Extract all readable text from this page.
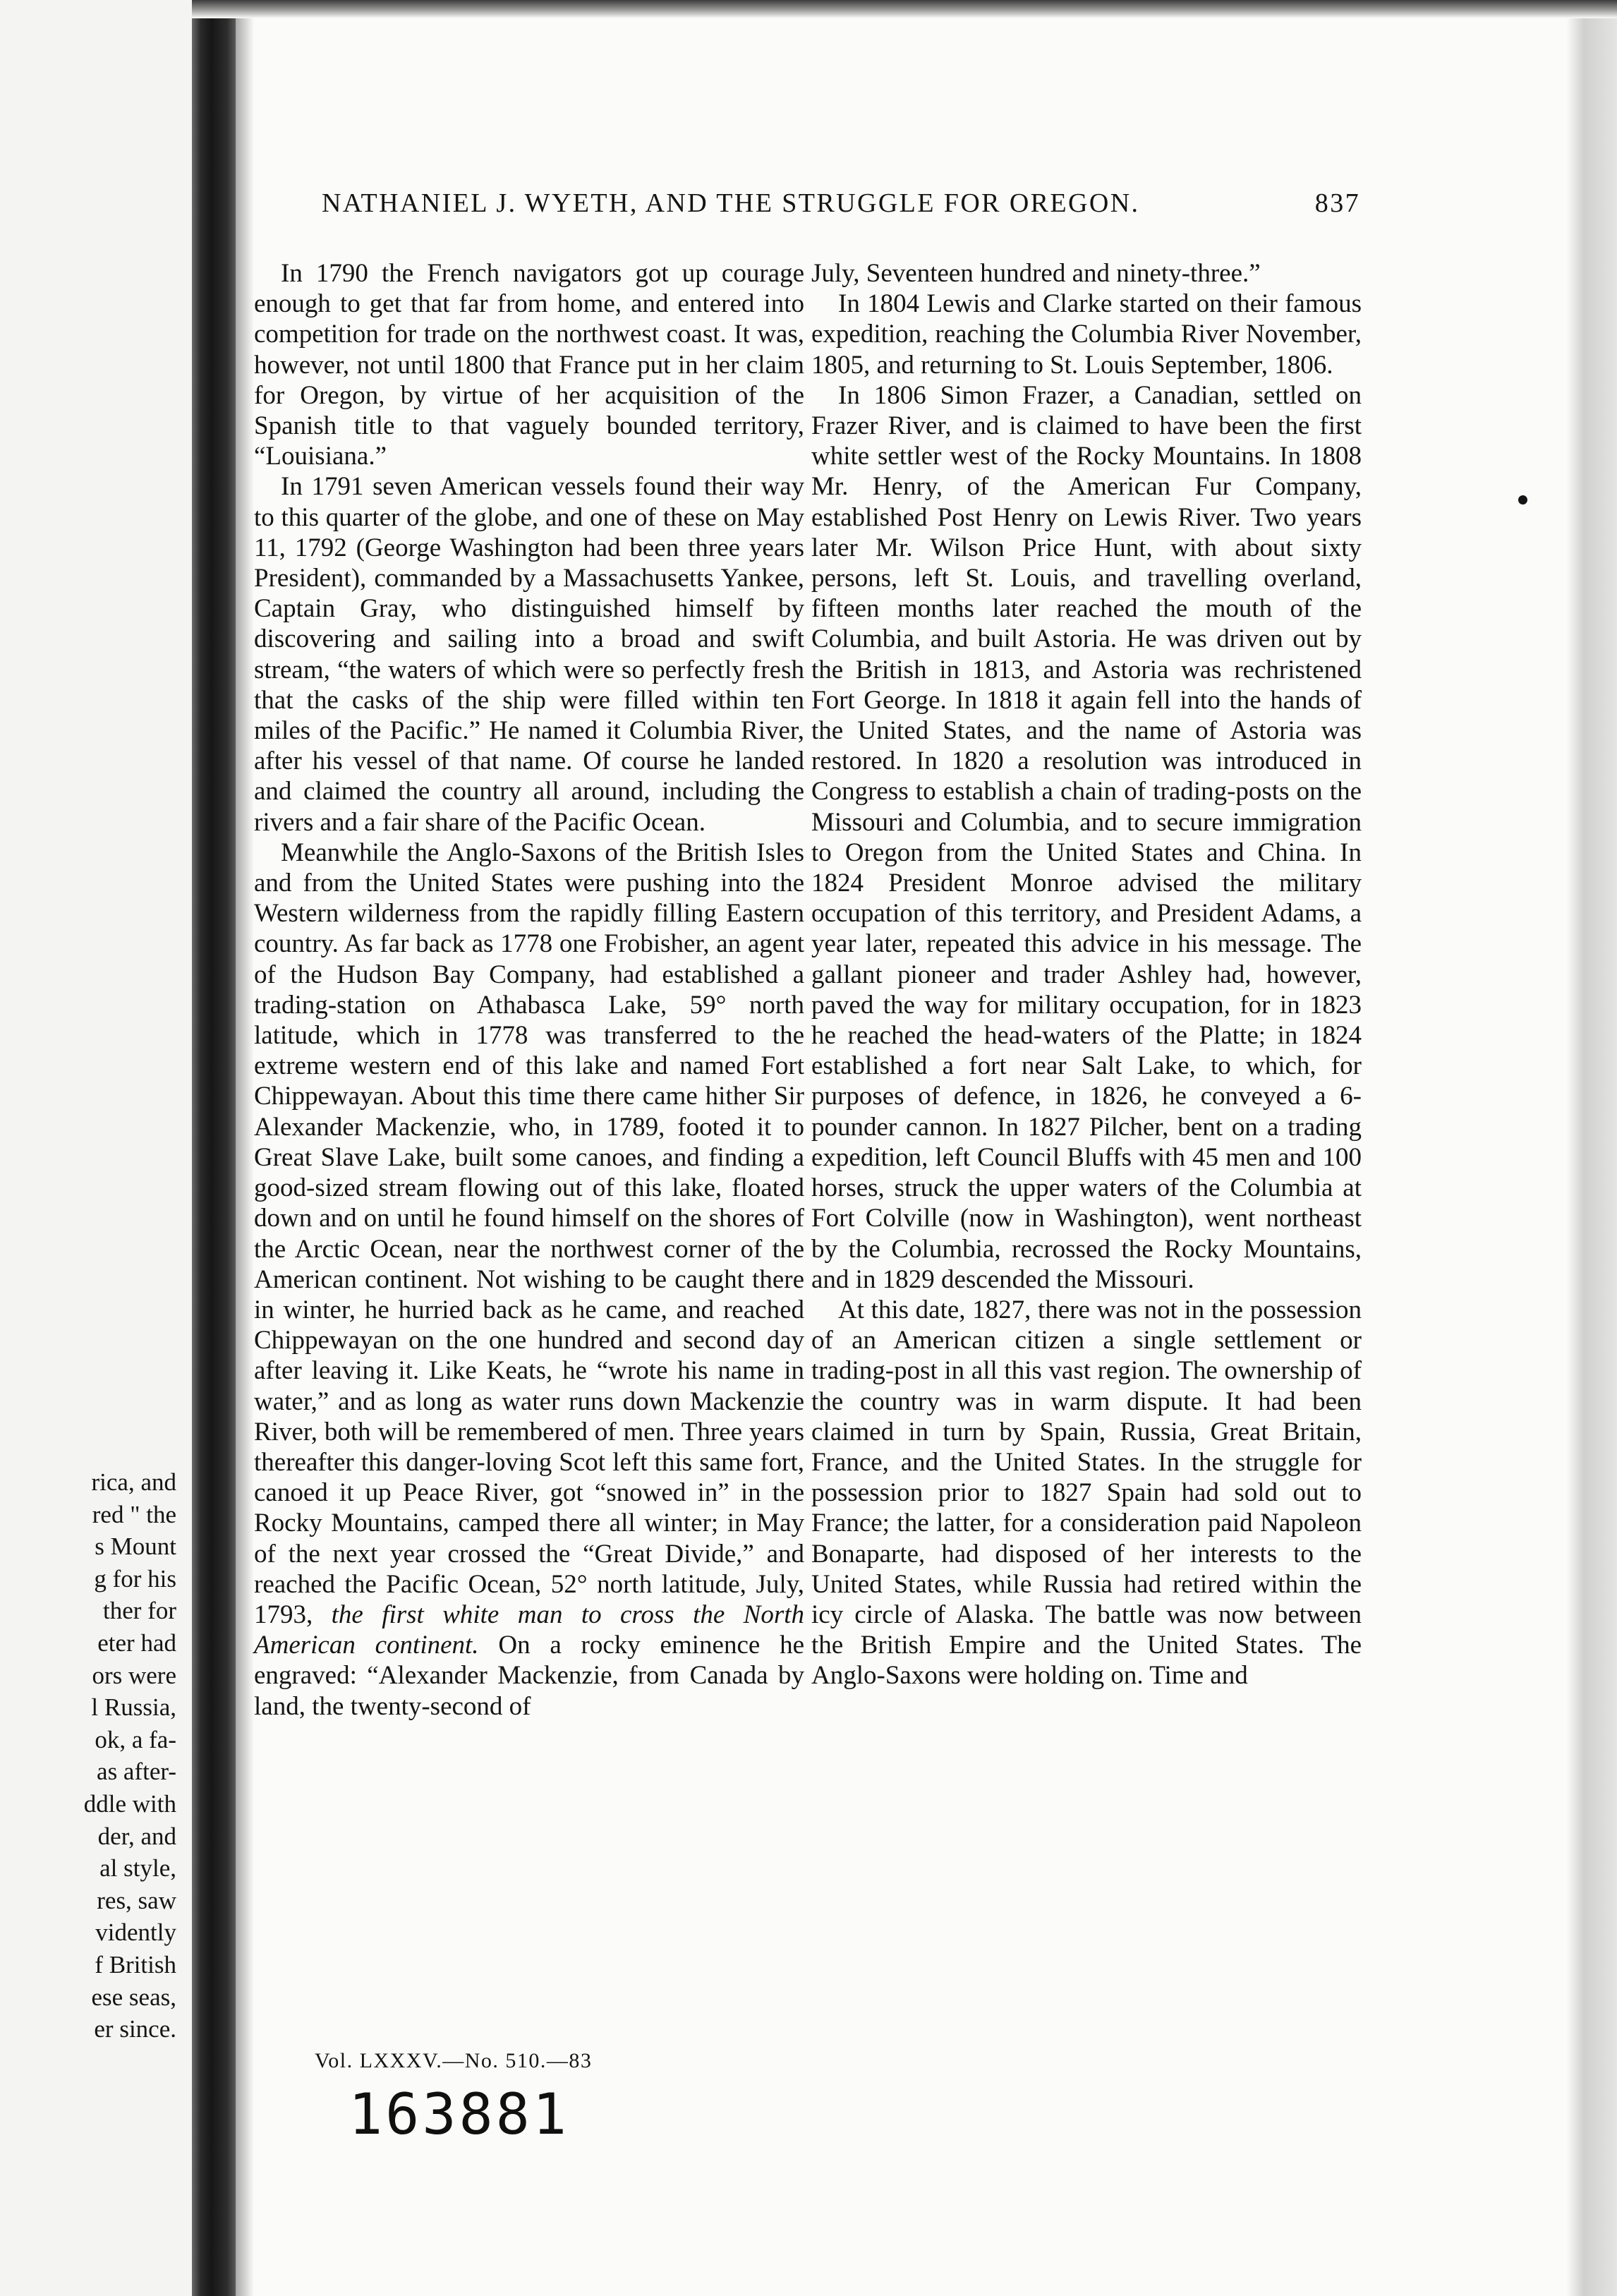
rica, and
red " the
s Mount
g for his
ther for
eter had
ors were
l Russia,
ok, a fa-
as after-
ddle with
der, and
al style,
res, saw
vidently
f British
ese seas,
er since.
NATHANIEL J. WYETH, AND THE STRUGGLE FOR OREGON.	837

In 1790 the French navigators got up courage enough to get that far from home, and entered into competition for trade on the northwest coast. It was, however, not until 1800 that France put in her claim for Oregon, by virtue of her acquisition of the Spanish title to that vaguely bounded territory, “Louisiana.”

In 1791 seven American vessels found their way to this quarter of the globe, and one of these on May 11, 1792 (George Washington had been three years President), commanded by a Massachusetts Yankee, Captain Gray, who distinguished himself by discovering and sailing into a broad and swift stream, “the waters of which were so perfectly fresh that the casks of the ship were filled within ten miles of the Pacific.” He named it Columbia River, after his vessel of that name. Of course he landed and claimed the country all around, including the rivers and a fair share of the Pacific Ocean.

Meanwhile the Anglo-Saxons of the British Isles and from the United States were pushing into the Western wilderness from the rapidly filling Eastern country. As far back as 1778 one Frobisher, an agent of the Hudson Bay Company, had established a trading-station on Athabasca Lake, 59° north latitude, which in 1778 was transferred to the extreme western end of this lake and named Fort Chippewayan. About this time there came hither Sir Alexander Mackenzie, who, in 1789, footed it to Great Slave Lake, built some canoes, and finding a good-sized stream flowing out of this lake, floated down and on until he found himself on the shores of the Arctic Ocean, near the northwest corner of the American continent. Not wishing to be caught there in winter, he hurried back as he came, and reached Chippewayan on the one hundred and second day after leaving it. Like Keats, he “wrote his name in water,” and as long as water runs down Mackenzie River, both will be remembered of men. Three years thereafter this danger-loving Scot left this same fort, canoed it up Peace River, got “snowed in” in the Rocky Mountains, camped there all winter; in May of the next year crossed the “Great Divide,” and reached the Pacific Ocean, 52° north latitude, July, 1793, the first white man to cross the North American continent. On a rocky eminence he engraved: “Alexander Mackenzie, from Canada by land, the twenty-second of

July, Seventeen hundred and ninety-three.”

In 1804 Lewis and Clarke started on their famous expedition, reaching the Columbia River November, 1805, and returning to St. Louis September, 1806.

In 1806 Simon Frazer, a Canadian, settled on Frazer River, and is claimed to have been the first white settler west of the Rocky Mountains. In 1808 Mr. Henry, of the American Fur Company, established Post Henry on Lewis River. Two years later Mr. Wilson Price Hunt, with about sixty persons, left St. Louis, and travelling overland, fifteen months later reached the mouth of the Columbia, and built Astoria. He was driven out by the British in 1813, and Astoria was rechristened Fort George. In 1818 it again fell into the hands of the United States, and the name of Astoria was restored. In 1820 a resolution was introduced in Congress to establish a chain of trading-posts on the Missouri and Columbia, and to secure immigration to Oregon from the United States and China. In 1824 President Monroe advised the military occupation of this territory, and President Adams, a year later, repeated this advice in his message. The gallant pioneer and trader Ashley had, however, paved the way for military occupation, for in 1823 he reached the head-waters of the Platte; in 1824 established a fort near Salt Lake, to which, for purposes of defence, in 1826, he conveyed a 6-pounder cannon. In 1827 Pilcher, bent on a trading expedition, left Council Bluffs with 45 men and 100 horses, struck the upper waters of the Columbia at Fort Colville (now in Washington), went northeast by the Columbia, recrossed the Rocky Mountains, and in 1829 descended the Missouri.

At this date, 1827, there was not in the possession of an American citizen a single settlement or trading-post in all this vast region. The ownership of the country was in warm dispute. It had been claimed in turn by Spain, Russia, Great Britain, France, and the United States. In the struggle for possession prior to 1827 Spain had sold out to France; the latter, for a consideration paid Napoleon Bonaparte, had disposed of her interests to the United States, while Russia had retired within the icy circle of Alaska. The battle was now between the British Empire and the United States. The Anglo-Saxons were holding on. Time and

Vol. LXXXV.—No. 510.—83
163881
